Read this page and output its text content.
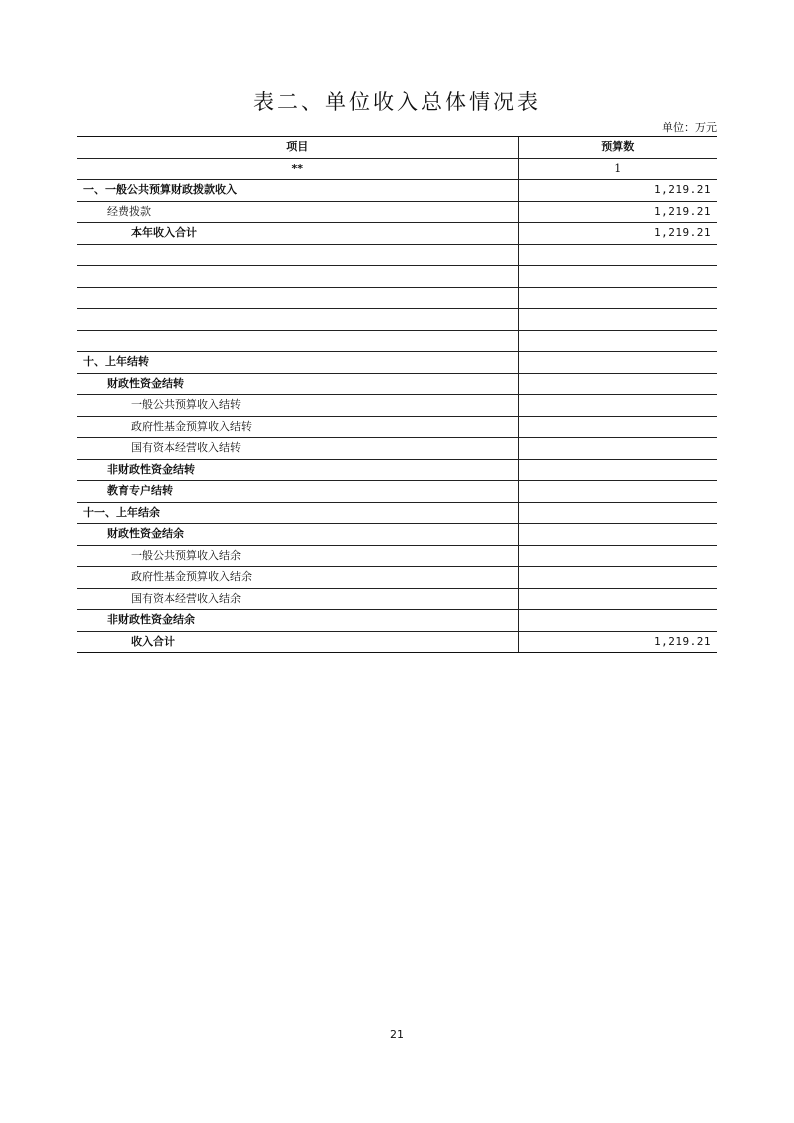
表二、单位收入总体情况表
单位：万元
项目	预算数
**	1
一、一般公共预算财政拨款收入	1,219.21
经费拨款	1,219.21
本年收入合计	1,219.21

十、上年结转	
财政性资金结转	
一般公共预算收入结转	
政府性基金预算收入结转	
国有资本经营收入结转	
非财政性资金结转	
教育专户结转	
十一、上年结余	
财政性资金结余	
一般公共预算收入结余	
政府性基金预算收入结余	
国有资本经营收入结余	
非财政性资金结余	
收入合计	1,219.21
21
